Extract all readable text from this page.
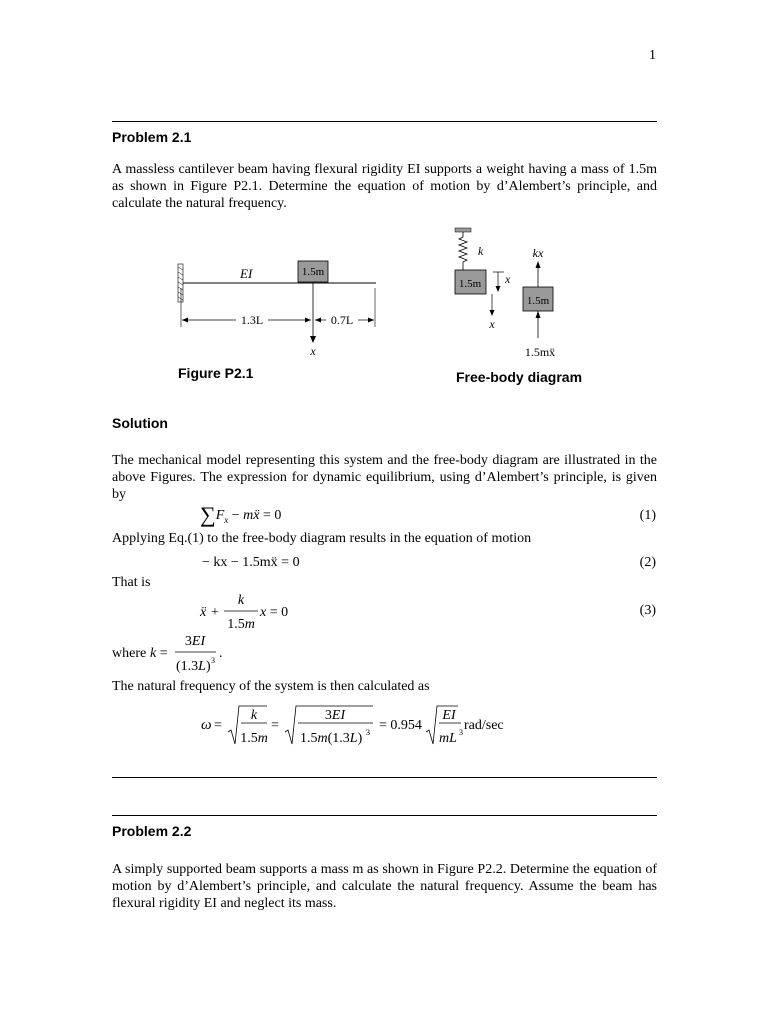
1
Problem 2.1
A massless cantilever beam having flexural rigidity EI supports a weight having a mass of 1.5m as shown in Figure P2.1. Determine the equation of motion by d’Alembert’s principle, and calculate the natural frequency.
EI	1.5m
x
1.3L	0.7L
Figure P2.1
k
1.5m x
x
kx
1.5m
1.5mẍ
Free-body diagram
Solution
The mechanical model representing this system and the free-body diagram are illustrated in the above Figures. The expression for dynamic equilibrium, using d’Alembert’s principle, is given by
$\sum F_x$ − mẍ = 0	(1)
Applying Eq.(1) to the free-body diagram results in the equation of motion
− kx − 1.5mẍ = 0	(2)
That is
ẍ +
k
1.5m
x = 0	(3)
where k =
3EI
(1.3L) 3 .
The natural frequency of the system is then calculated as
ω =
k
1.5m
=
3EI
1.5m(1.3L) 3 = 0.954
EI
mL 3 rad/sec
Problem 2.2
A simply supported beam supports a mass m as shown in Figure P2.2. Determine the equation of motion by d’Alembert’s principle, and calculate the natural frequency. Assume the beam has flexural rigidity EI and neglect its mass.
